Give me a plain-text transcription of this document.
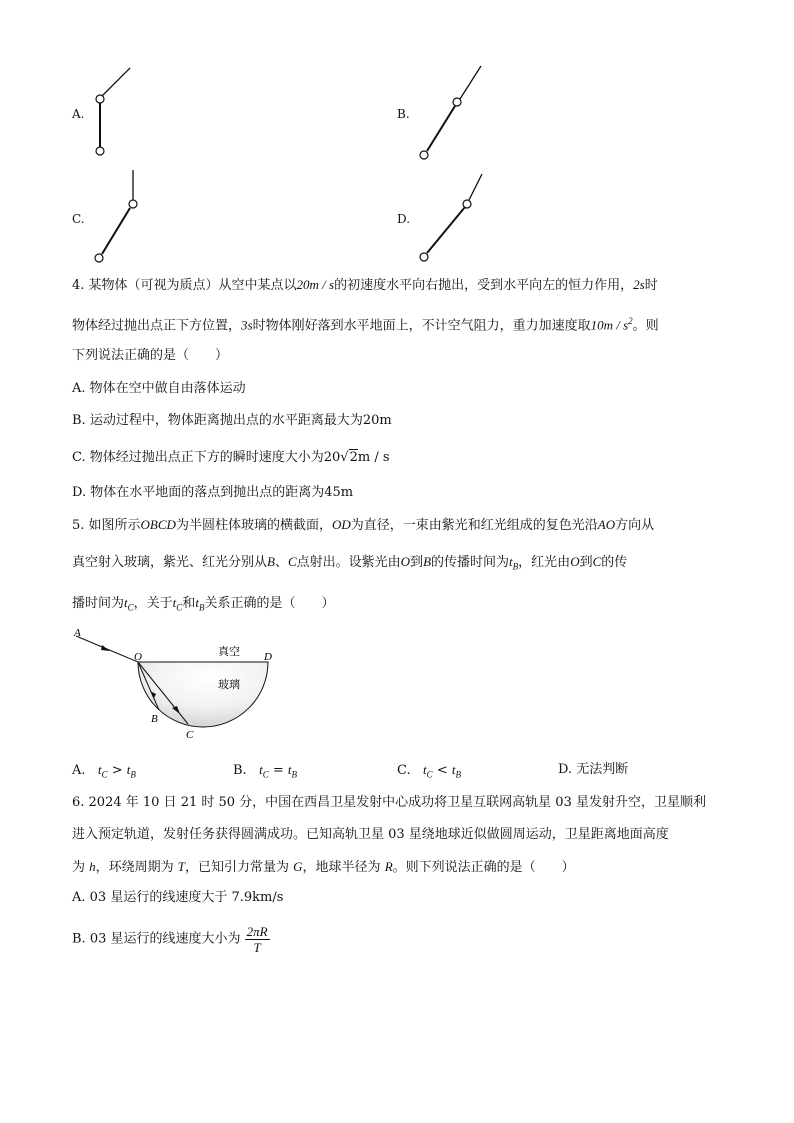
A.	B.
C.	D.
4. 某物体（可视为质点）从空中某点以20m / s的初速度水平向右抛出，受到水平向左的恒力作用，2s时
物体经过抛出点正下方位置，3s时物体刚好落到水平地面上，不计空气阻力，重力加速度取$10m / s^2$。则
下列说法正确的是（　　）
A. 物体在空中做自由落体运动
B. 运动过程中，物体距离抛出点的水平距离最大为20m
C. 物体经过抛出点正下方的瞬时速度大小为20√2m / s
D. 物体在水平地面的落点到抛出点的距离为45m
5. 如图所示OBCD为半圆柱体玻璃的横截面，OD为直径，一束由紫光和红光组成的复色光沿AO方向从
真空射入玻璃，紫光、红光分别从B、C点射出。设紫光由O到B的传播时间为$t_B$，红光由O到C的传
播时间为$t_C$，关于$t_C$和$t_B$关系正确的是（　　）
A
O	D
B
C
真空
玻璃
A. $t_C > t_B$	B. $t_C = t_B$	C. $t_C < t_B$	D. 无法判断
6. 2024 年 10 日 21 时 50 分，中国在西昌卫星发射中心成功将卫星互联网高轨星 03 星发射升空，卫星顺利
进入预定轨道，发射任务获得圆满成功。已知高轨卫星 03 星绕地球近似做圆周运动，卫星距离地面高度
为 h，环绕周期为 T，已知引力常量为 G，地球半径为 R。则下列说法正确的是（　　）
A. 03 星运行的线速度大于 7.9km/s
B. 03 星运行的线速度大小为 $\frac{2\pi R}{T}$
